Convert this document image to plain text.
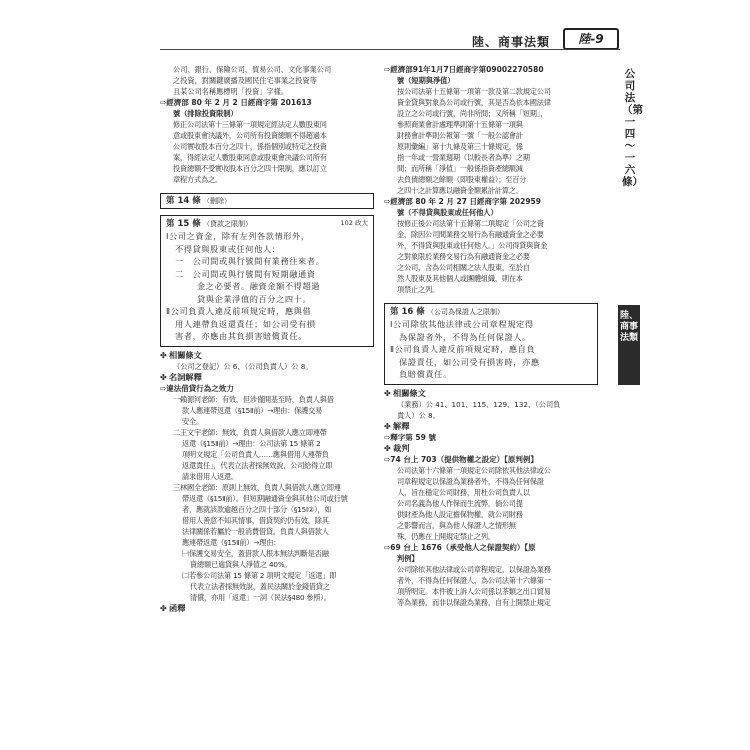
陸、商事法類	陸-9

公司、銀行、保險公司、貿易公司、文化事業公司

之投資，對關鍵廣播及國民住宅事業之投資等

且某公司名稱應標明「投資」字樣。

⇨經濟部 80 年 2 月 2 日經商字第 201613

號（排除投資限制）

修正公司法第十三條第一項規定經法定人數股東同

意或股東會決議外，公司所有投資總額不得超過本

公司實收股本百分之四十，係指個別或特定之投資

案，得經法定人數股東同意或股東會決議公司所有

投資總額不受實收股本百分之四十限制，應以訂立

章程方式為之。

第 14 條 （刪除）
102 政大
第 15 條 （貸款之限制）
Ⅰ公司之資金，除有左列各款情形外，
不得貸與股東或任何他人：
一　公司間或與行號間有業務往來者。
二　公司間或與行號間有短期融通資
金之必要者。融資金額不得超過
貸與企業淨值的百分之四十。
Ⅱ公司負責人違反前項規定時，應與借
用人連帶負返還責任；如公司受有損
害者，亦應由其負損害賠償責任。

✤ 相關條文

（公司之登記）公 6、（公司負責人）公 8。

✤ 名詞解釋

⇨違法借貸行為之效力

一賴源河老師：有效，但涉僅開基至時，負責人與借

款人應連帶返還（§15Ⅱ前）→理由：保護交易

安全。

二王文宇老師：無效，負責人與借款人應立即連帶

返還（§15Ⅱ前）→理由：公司法第 15 條第 2

項明文規定「公司負責人……應與借用人連帶負

返還責任」，代表立法者採無效說，公司給得立即

請求借用人返還。

三林國全老師：原則上無效，負責人與借款人應立即連

帶返還（§15Ⅱ前）。但短期融通資金與其他公司或行號

者，應就該款逾越百分之四十部分（§15Ⅰ②），如

借用人善意不知其情事，借貸契約仍有效，除其

法律關係若屬於一般消費借貸，負責人與借款人

應連帶返還（§15Ⅱ前）→理由：

㈠保護交易安全，蓋借款人根本無法判斷是否融

資總額已逾貸與人淨值之 40%。

㈡若參公司法第 15 條第 2 項明文規定「返還」即

代表立法者採無效說，蓋民法關於金錢借貸之

清償，亦用「返還」一詞（民法§480 參照）。

✤ 函釋

⇨經濟部91年1月7日經商字第09002270580

號（短期與淨值）

按公司法第十五條第一項第一款及第二款規定公司

資金貸與對象為公司或行號，其是否為依本國法律

設立之公司或行號，尚非所問；又所稱「短期」，

參照商業會計處理準則第十五條第一項與

財務會計準則公報第一號「一般公認會計

原則彙編」第十九條及第三十條規定，係

指一年或一營業週期（以較長者為準）之期

間；而所稱「淨值」一般係指資產總額減

去負債總額之餘額（即股東權益）；至百分

之四十之計算應以融資金額累計計算之。

⇨經濟部 80 年 2 月 27 日經商字第 202959

號（不得貸與股東或任何他人）

按修正後公司法第十五條第二項規定「公司之資

金，除因公司間業務交易行為有融通資金之必要

外，不得貸與股東或任何他人。」公司得貸與資金

之對象限於業務交易行為有融通資金之必要

之公司，含為公司相關之法人股東，至於自

然人股東及其他個人或團體組織，則在本

項禁止之列。

第 16 條 （公司為保證人之限制）
Ⅰ公司除依其他法律或公司章程規定得
為保證者外，不得為任何保證人。
Ⅱ公司負責人違反前項規定時，應自負
保證責任，如公司受有損害時，亦應
負賠償責任。

✤ 相關條文

（業務）公 41、101、115、129、132、（公司負

責人）公 8。

✤ 解釋

⇨釋字第 59 號

✤ 裁判

⇨74 台上 703（提供物權之設定）【原判例】

公司法第十六條第一項規定公司除依其他法律或公

司章程規定以保證為業務者外，不得為任何保證

人，旨在穩定公司財務，用杜公司負責人以

公司名義為他人作保而生流弊，倘公司提

供財產為他人設定擔保物權，就公司財務

之影響而言，與為他人保證人之情形無

殊，仍應在上開規定禁止之列。

⇨69 台上 1676（承受他人之保證契約）【原

判例】

公司除依其他法律或公司章程規定，以保證為業務

者外，不得為任何保證人，為公司法第十六條第一

項所明定。本件被上訴人公司係以茶類之出口貿易

等為業務，而非以保證為業務，自有上開禁止規定

公司法（第一四～一六條）
陸、商事法類
